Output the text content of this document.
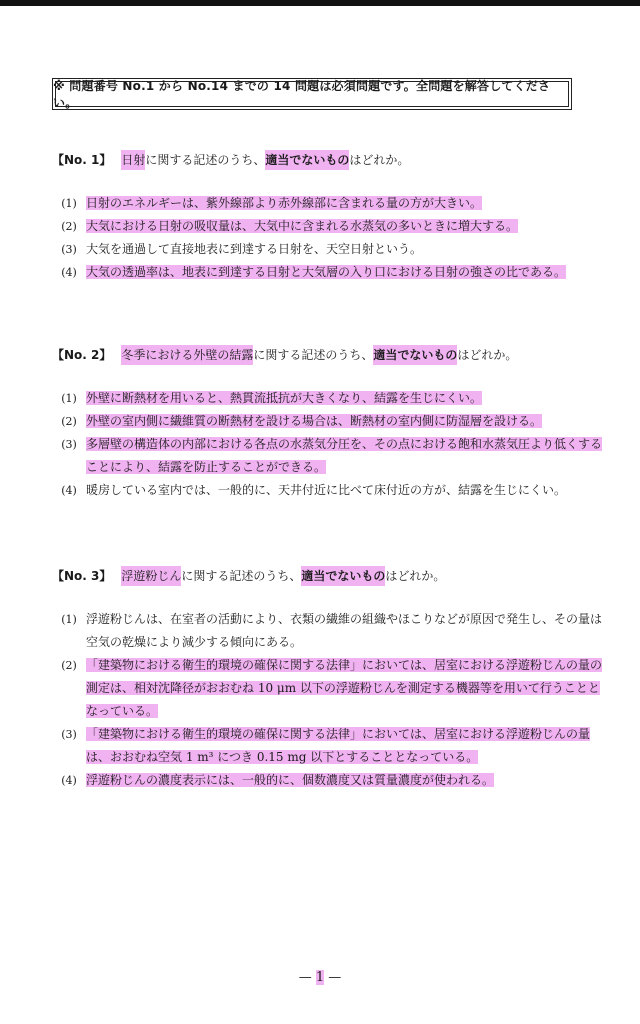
※ 問題番号 No.1 から No.14 までの 14 問題は必須問題です。全問題を解答してください。
【No. 1】 日射 に関する記述のうち、 適当でないもの はどれか。
(1) 日射のエネルギーは、紫外線部より赤外線部に含まれる量の方が大きい。
(2) 大気における日射の吸収量は、大気中に含まれる水蒸気の多いときに増大する。
(3) 大気を通過して直接地表に到達する日射を、天空日射という。
(4) 大気の透過率は、地表に到達する日射と大気層の入り口における日射の強さの比である。
【No. 2】 冬季における外壁の結露 に関する記述のうち、 適当でないもの はどれか。
(1) 外壁に断熱材を用いると、熱貫流抵抗が大きくなり、結露を生じにくい。
(2) 外壁の室内側に繊維質の断熱材を設ける場合は、断熱材の室内側に防湿層を設ける。
(3) 多層壁の構造体の内部における各点の水蒸気分圧を、その点における飽和水蒸気圧より低くすることにより、結露を防止することができる。
(4) 暖房している室内では、一般的に、天井付近に比べて床付近の方が、結露を生じにくい。
【No. 3】 浮遊粉じん に関する記述のうち、 適当でないもの はどれか。
(1) 浮遊粉じんは、在室者の活動により、衣類の繊維の組織やほこりなどが原因で発生し、その量は空気の乾燥により減少する傾向にある。
(2) 「建築物における衛生的環境の確保に関する法律」においては、居室における浮遊粉じんの量の測定は、相対沈降径がおおむね 10 μm 以下の浮遊粉じんを測定する機器等を用いて行うこととなっている。
(3) 「建築物における衛生的環境の確保に関する法律」においては、居室における浮遊粉じんの量は、おおむね空気 1 m³ につき 0.15 mg 以下とすることとなっている。
(4) 浮遊粉じんの濃度表示には、一般的に、個数濃度又は質量濃度が使われる。
— 1 —
